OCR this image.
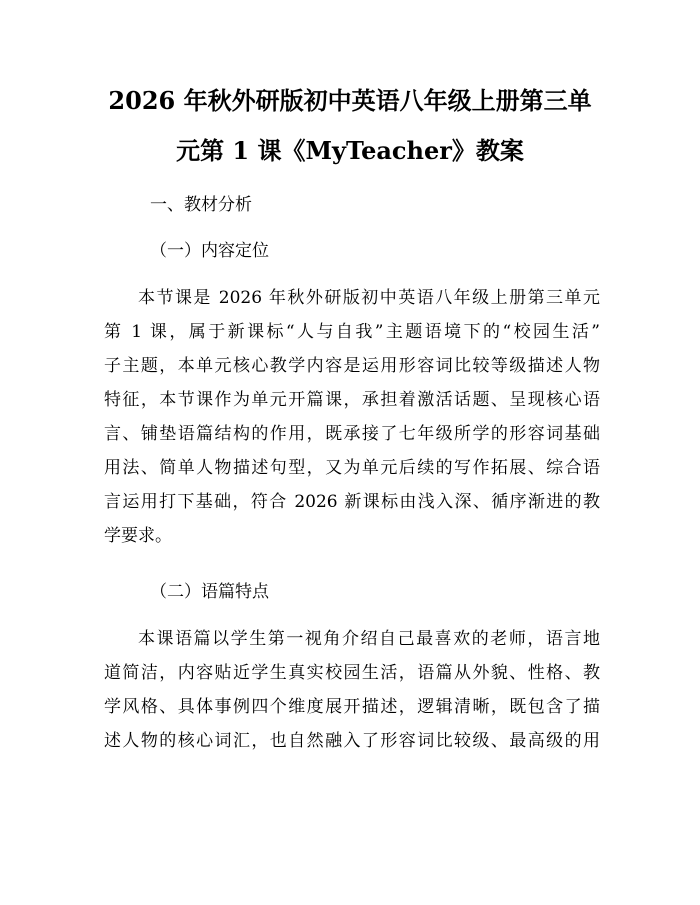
2026 年秋外研版初中英语八年级上册第三单
元第 1 课《MyTeacher》教案

一、教材分析

（一）内容定位

本节课是 2026 年秋外研版初中英语八年级上册第三单元

第 1 课，属于新课标“人与自我”主题语境下的“校园生活”

子主题，本单元核心教学内容是运用形容词比较等级描述人物

特征，本节课作为单元开篇课，承担着激活话题、呈现核心语

言、铺垫语篇结构的作用，既承接了七年级所学的形容词基础

用法、简单人物描述句型，又为单元后续的写作拓展、综合语

言运用打下基础，符合 2026 新课标由浅入深、循序渐进的教

学要求。

（二）语篇特点

本课语篇以学生第一视角介绍自己最喜欢的老师，语言地

道简洁，内容贴近学生真实校园生活，语篇从外貌、性格、教

学风格、具体事例四个维度展开描述，逻辑清晰，既包含了描

述人物的核心词汇，也自然融入了形容词比较级、最高级的用
